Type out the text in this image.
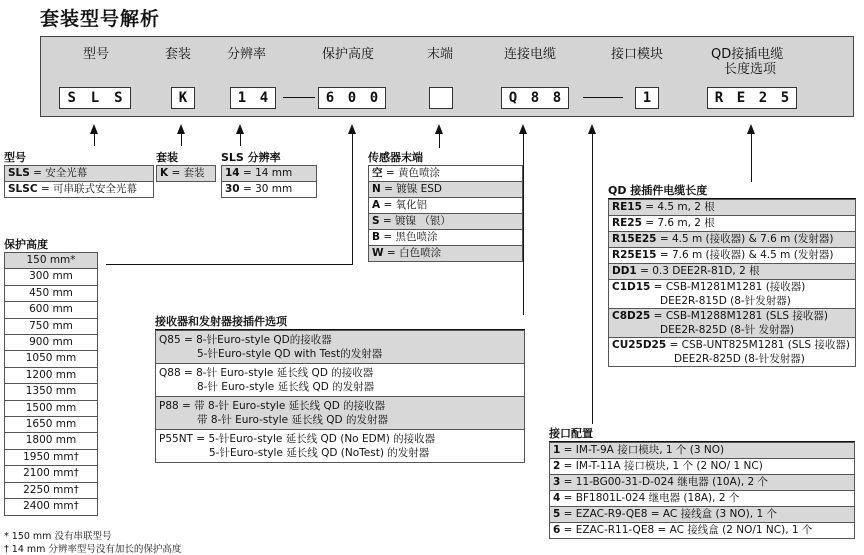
套装型号解析
型号	套装	分辨率	保护高度	末端	连接电缆	接口模块	QD接插电缆
长度选项
S	L	S	K	1 4	6 0 0	Q 8 8	1	R E 2 5
型号
SLS = 安全光幕
SLSC = 可串联式安全光幕
套装
K = 套装
SLS 分辨率
14 = 14 mm
30 = 30 mm
传感器末端
空 = 黄色喷涂
N = 镀镍 ESD
A = 氧化铝
S = 镀镍 （银）
B = 黑色喷涂
W = 白色喷涂
保护高度
150 mm*
300 mm
450 mm
600 mm
750 mm
900 mm
1050 mm
1200 mm
1350 mm
1500 mm
1650 mm
1800 mm
1950 mm†
2100 mm†
2250 mm†
2400 mm†
接收器和发射器接插件选项
Q85 = 8-针Euro-style QD的接收器
5-针Euro-style QD with Test的发射器
Q88 = 8-针 Euro-style 延长线 QD 的接收器
8-针 Euro-style 延长线 QD 的发射器
P88 = 带 8-针 Euro-style 延长线 QD 的接收器
带 8-针 Euro-style 延长线 QD 的发射器
P55NT = 5-针Euro-style 延长线 QD (No EDM) 的接收器
5-针Euro-style 延长线 QD (NoTest) 的发射器
QD 接插件电缆长度
RE15 = 4.5 m, 2 根
RE25 = 7.6 m, 2 根
R15E25 = 4.5 m (接收器) & 7.6 m (发射器)
R25E15 = 7.6 m (接收器) & 4.5 m (发射器)
DD1 = 0.3 DEE2R-81D, 2 根
C1D15 = CSB-M1281M1281 (接收器)
DEE2R-815D (8-针发射器)
C8D25 = CSB-M1288M1281 (SLS 接收器)
DEE2R-825D (8-针 发射器)
CU25D25 = CSB-UNT825M1281 (SLS 接收器)
DEE2R-825D (8-针发射器)
接口配置
1 = IM-T-9A 接口模块, 1 个 (3 NO)
2 = IM-T-11A 接口模块, 1 个 (2 NO/ 1 NC)
3 = 11-BG00-31-D-024 继电器 (10A), 2 个
4 = BF1801L-024 继电器 (18A), 2 个
5 = EZAC-R9-QE8 = AC 接线盒 (3 NO), 1 个
6 = EZAC-R11-QE8 = AC 接线盒 (2 NO/1 NC), 1 个
* 150 mm 没有串联型号
† 14 mm 分辨率型号没有加长的保护高度
